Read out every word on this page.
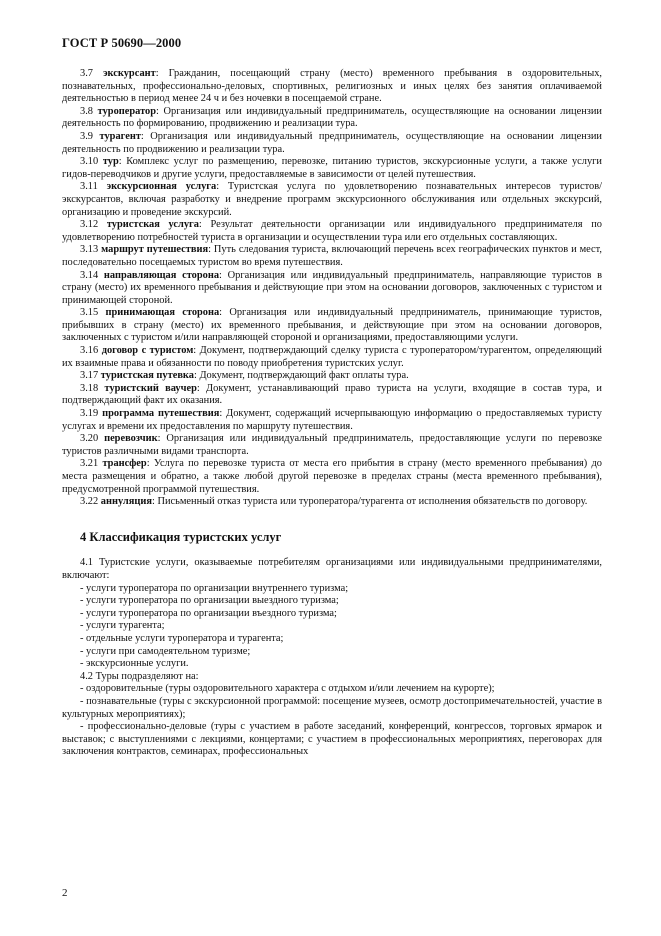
ГОСТ Р 50690—2000

3.7 экскурсант: Гражданин, посещающий страну (место) временного пребывания в оздоровительных, познавательных, профессионально-деловых, спортивных, религиозных и иных целях без занятия оплачиваемой деятельностью в период менее 24 ч и без ночевки в посещаемой стране.

3.8 туроператор: Организация или индивидуальный предприниматель, осуществляющие на основании лицензии деятельность по формированию, продвижению и реализации тура.

3.9 турагент: Организация или индивидуальный предприниматель, осуществляющие на основании лицензии деятельность по продвижению и реализации тура.

3.10 тур: Комплекс услуг по размещению, перевозке, питанию туристов, экскурсионные услуги, а также услуги гидов-переводчиков и другие услуги, предоставляемые в зависимости от целей путешествия.

3.11 экскурсионная услуга: Туристская услуга по удовлетворению познавательных интересов туристов/экскурсантов, включая разработку и внедрение программ экскурсионного обслуживания или отдельных экскурсий, организацию и проведение экскурсий.

3.12 туристская услуга: Результат деятельности организации или индивидуального предпринимателя по удовлетворению потребностей туриста в организации и осуществлении тура или его отдельных составляющих.

3.13 маршрут путешествия: Путь следования туриста, включающий перечень всех географических пунктов и мест, последовательно посещаемых туристом во время путешествия.

3.14 направляющая сторона: Организация или индивидуальный предприниматель, направляющие туристов в страну (место) их временного пребывания и действующие при этом на основании договоров, заключенных с туристом и принимающей стороной.

3.15 принимающая сторона: Организация или индивидуальный предприниматель, принимающие туристов, прибывших в страну (место) их временного пребывания, и действующие при этом на основании договоров, заключенных с туристом и/или направляющей стороной и организациями, предоставляющими услуги.

3.16 договор с туристом: Документ, подтверждающий сделку туриста с туроператором/турагентом, определяющий их взаимные права и обязанности по поводу приобретения туристских услуг.

3.17 туристская путевка: Документ, подтверждающий факт оплаты тура.

3.18 туристский ваучер: Документ, устанавливающий право туриста на услуги, входящие в состав тура, и подтверждающий факт их оказания.

3.19 программа путешествия: Документ, содержащий исчерпывающую информацию о предоставляемых туристу услугах и времени их предоставления по маршруту путешествия.

3.20 перевозчик: Организация или индивидуальный предприниматель, предоставляющие услуги по перевозке туристов различными видами транспорта.

3.21 трансфер: Услуга по перевозке туриста от места его прибытия в страну (место временного пребывания) до места размещения и обратно, а также любой другой перевозке в пределах страны (места временного пребывания), предусмотренной программой путешествия.

3.22 аннуляция: Письменный отказ туриста или туроператора/турагента от исполнения обязательств по договору.

4 Классификация туристских услуг

4.1 Туристские услуги, оказываемые потребителям организациями или индивидуальными предпринимателями, включают:

- услуги туроператора по организации внутреннего туризма;

- услуги туроператора по организации выездного туризма;

- услуги туроператора по организации въездного туризма;

- услуги турагента;

- отдельные услуги туроператора и турагента;

- услуги при самодеятельном туризме;

- экскурсионные услуги.

4.2 Туры подразделяют на:

- оздоровительные (туры оздоровительного характера с отдыхом и/или лечением на курорте);

- познавательные (туры с экскурсионной программой: посещение музеев, осмотр достопримечательностей, участие в культурных мероприятиях);

- профессионально-деловые (туры с участием в работе заседаний, конференций, конгрессов, торговых ярмарок и выставок; с выступлениями с лекциями, концертами; с участием в профессиональных мероприятиях, переговорах для заключения контрактов, семинарах, профессиональных

2
